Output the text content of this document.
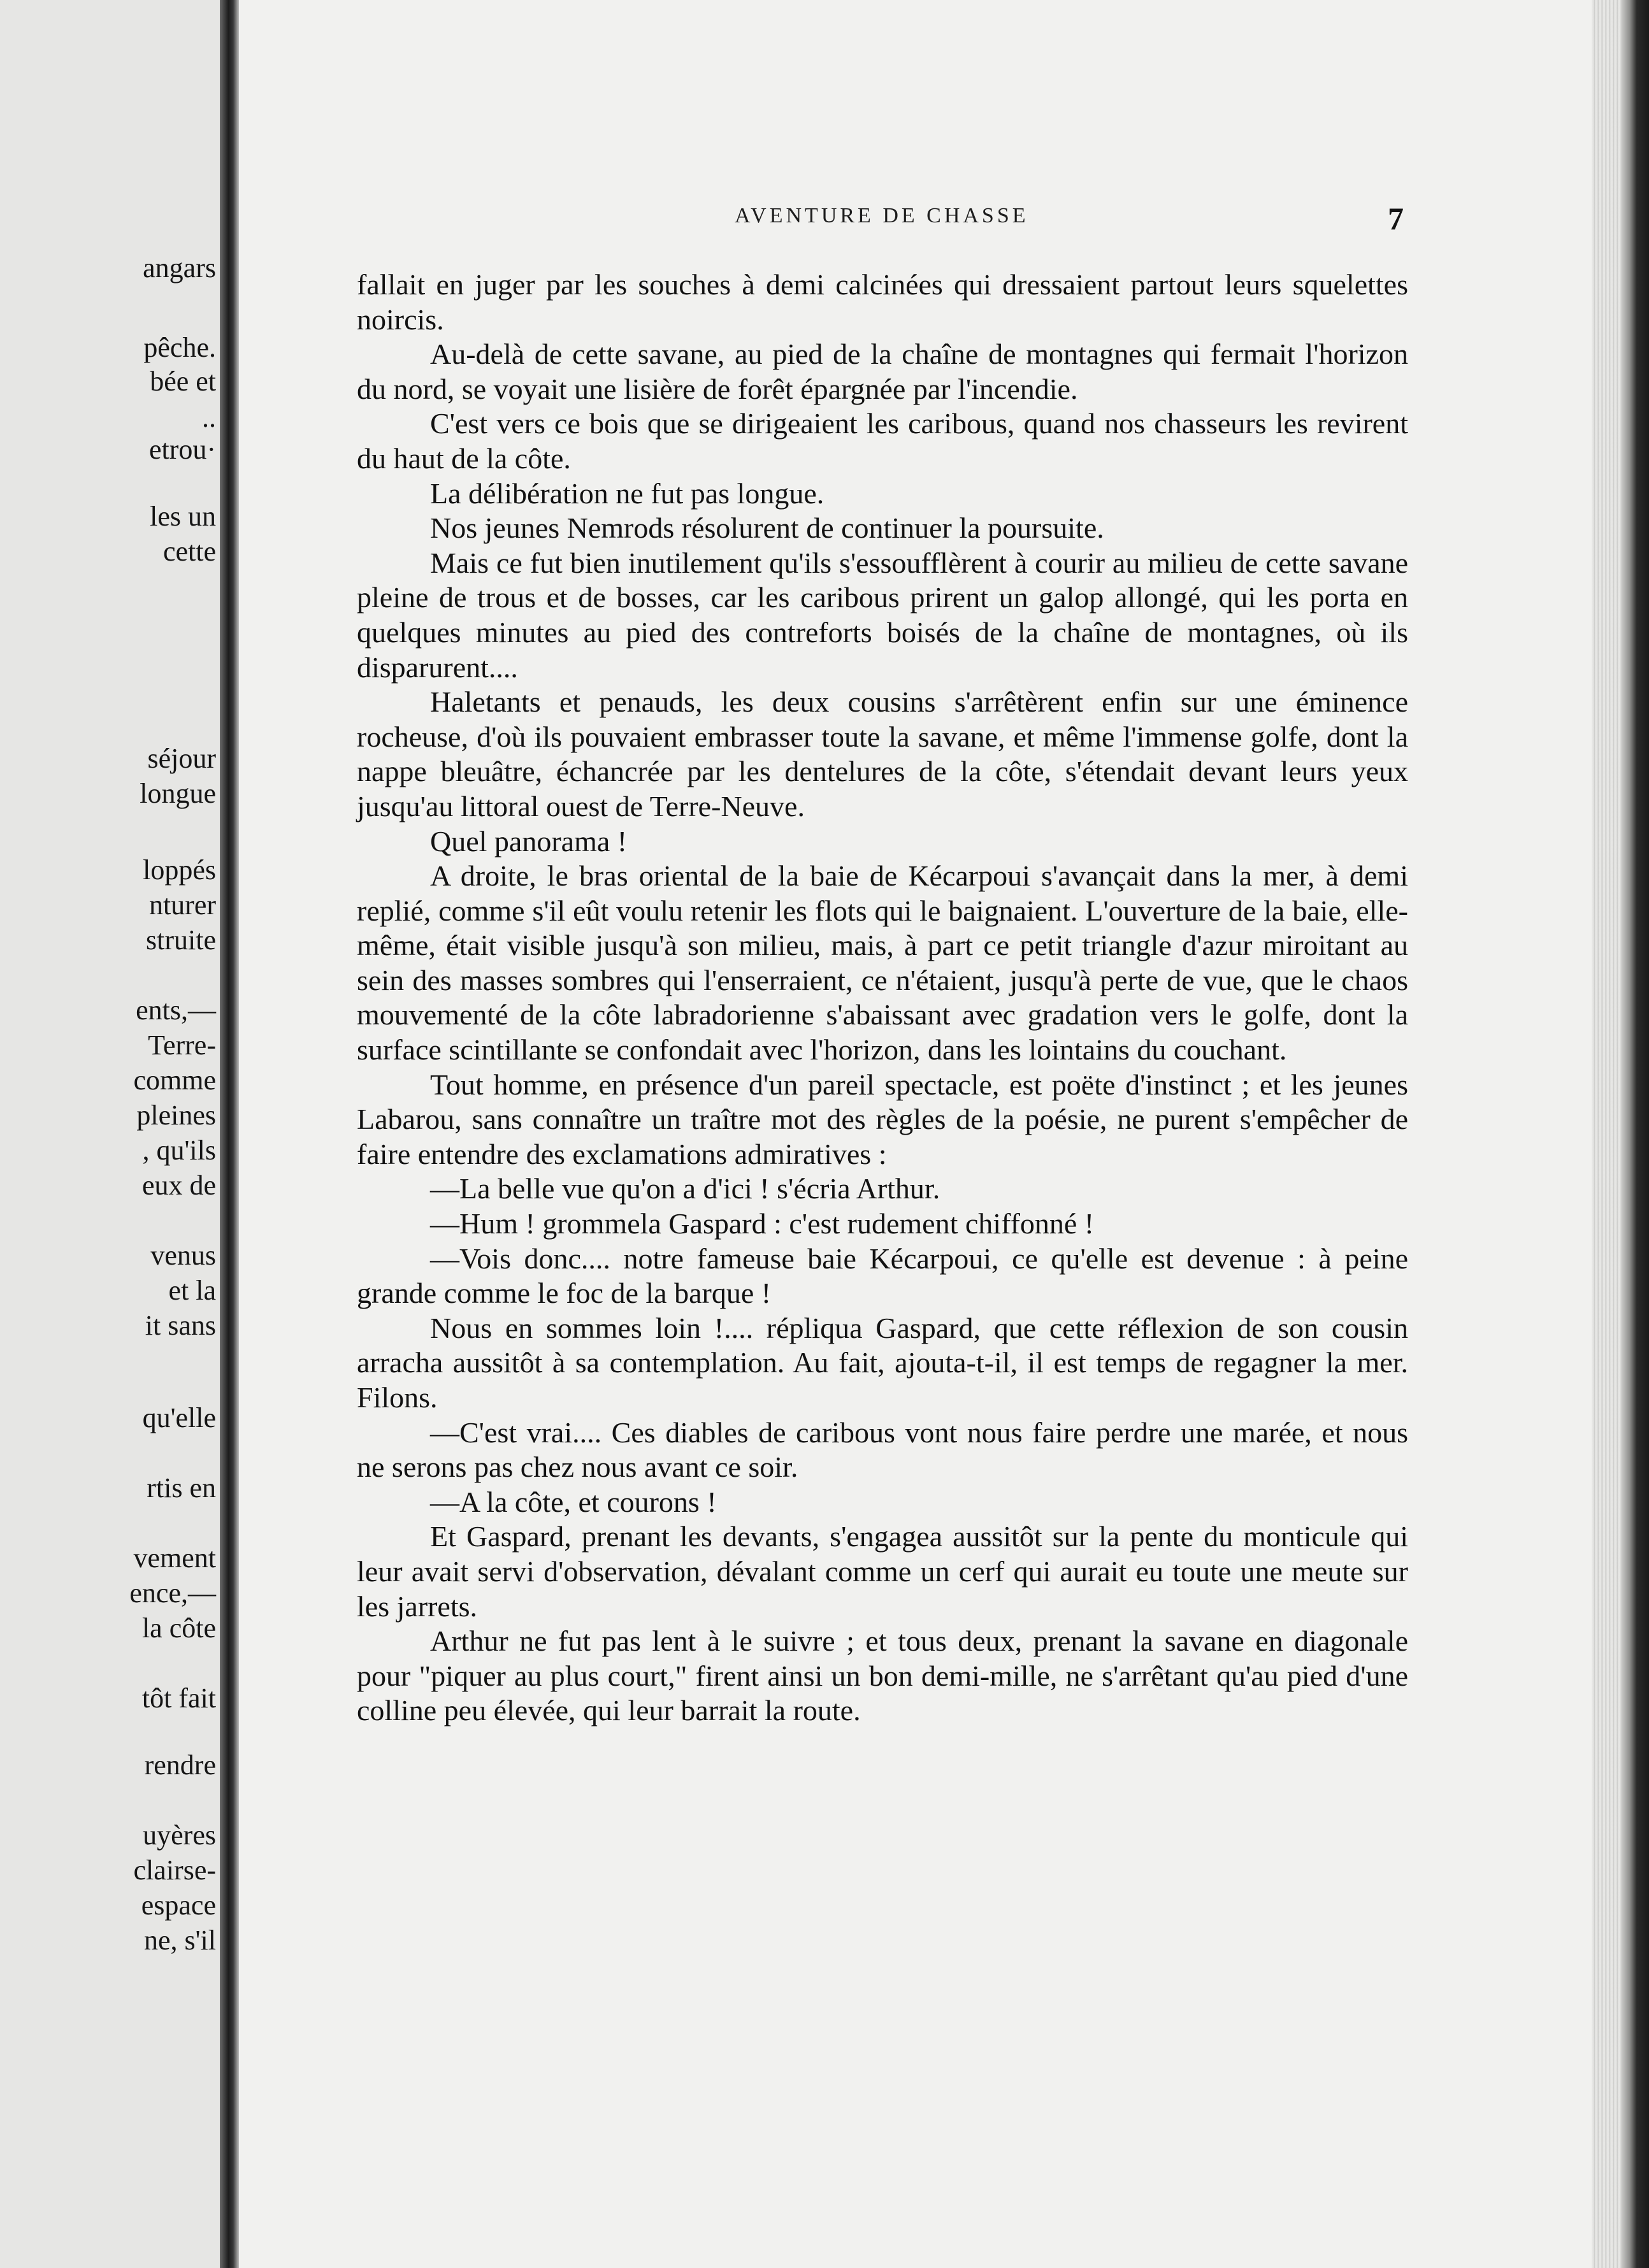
angars
pêche.
bée et
..
etrou·
les un
cette
séjour
longue
loppés
nturer
struite
ents,—
Terre-
comme
pleines
, qu'ils
eux de
venus
et la
it sans
qu'elle
rtis en
vement
ence,—
la côte
tôt fait
rendre
uyères
clairse-
espace
ne, s'il
AVENTURE DE CHASSE	7

fallait en juger par les souches à demi calcinées qui dressaient partout leurs squelettes noircis.

Au-delà de cette savane, au pied de la chaîne de montagnes qui fermait l'horizon du nord, se voyait une lisière de forêt épargnée par l'incendie.

C'est vers ce bois que se dirigeaient les caribous, quand nos chasseurs les revirent du haut de la côte.

La délibération ne fut pas longue.

Nos jeunes Nemrods résolurent de continuer la poursuite.

Mais ce fut bien inutilement qu'ils s'essoufflèrent à courir au milieu de cette savane pleine de trous et de bosses, car les caribous prirent un galop allongé, qui les porta en quelques minutes au pied des contreforts boisés de la chaîne de montagnes, où ils disparurent....

Haletants et penauds, les deux cousins s'arrêtèrent enfin sur une éminence rocheuse, d'où ils pouvaient embrasser toute la savane, et même l'immense golfe, dont la nappe bleuâtre, échancrée par les dentelures de la côte, s'étendait devant leurs yeux jusqu'au littoral ouest de Terre-Neuve.

Quel panorama !

A droite, le bras oriental de la baie de Kécarpoui s'avançait dans la mer, à demi replié, comme s'il eût voulu retenir les flots qui le baignaient. L'ouverture de la baie, elle-même, était visible jusqu'à son milieu, mais, à part ce petit triangle d'azur miroitant au sein des masses sombres qui l'enserraient, ce n'étaient, jusqu'à perte de vue, que le chaos mouvementé de la côte labradorienne s'abaissant avec gradation vers le golfe, dont la surface scintillante se confondait avec l'horizon, dans les lointains du couchant.

Tout homme, en présence d'un pareil spectacle, est poëte d'instinct ; et les jeunes Labarou, sans connaître un traître mot des règles de la poésie, ne purent s'empêcher de faire entendre des exclamations admiratives :

—La belle vue qu'on a d'ici ! s'écria Arthur.

—Hum ! grommela Gaspard : c'est rudement chiffonné !

—Vois donc.... notre fameuse baie Kécarpoui, ce qu'elle est devenue : à peine grande comme le foc de la barque !

Nous en sommes loin !.... répliqua Gaspard, que cette réflexion de son cousin arracha aussitôt à sa contemplation. Au fait, ajouta-t-il, il est temps de regagner la mer. Filons.

—C'est vrai.... Ces diables de caribous vont nous faire perdre une marée, et nous ne serons pas chez nous avant ce soir.

—A la côte, et courons !

Et Gaspard, prenant les devants, s'engagea aussitôt sur la pente du monticule qui leur avait servi d'observation, dévalant comme un cerf qui aurait eu toute une meute sur les jarrets.

Arthur ne fut pas lent à le suivre ; et tous deux, prenant la savane en diagonale pour "piquer au plus court," firent ainsi un bon demi-mille, ne s'arrêtant qu'au pied d'une colline peu élevée, qui leur barrait la route.
